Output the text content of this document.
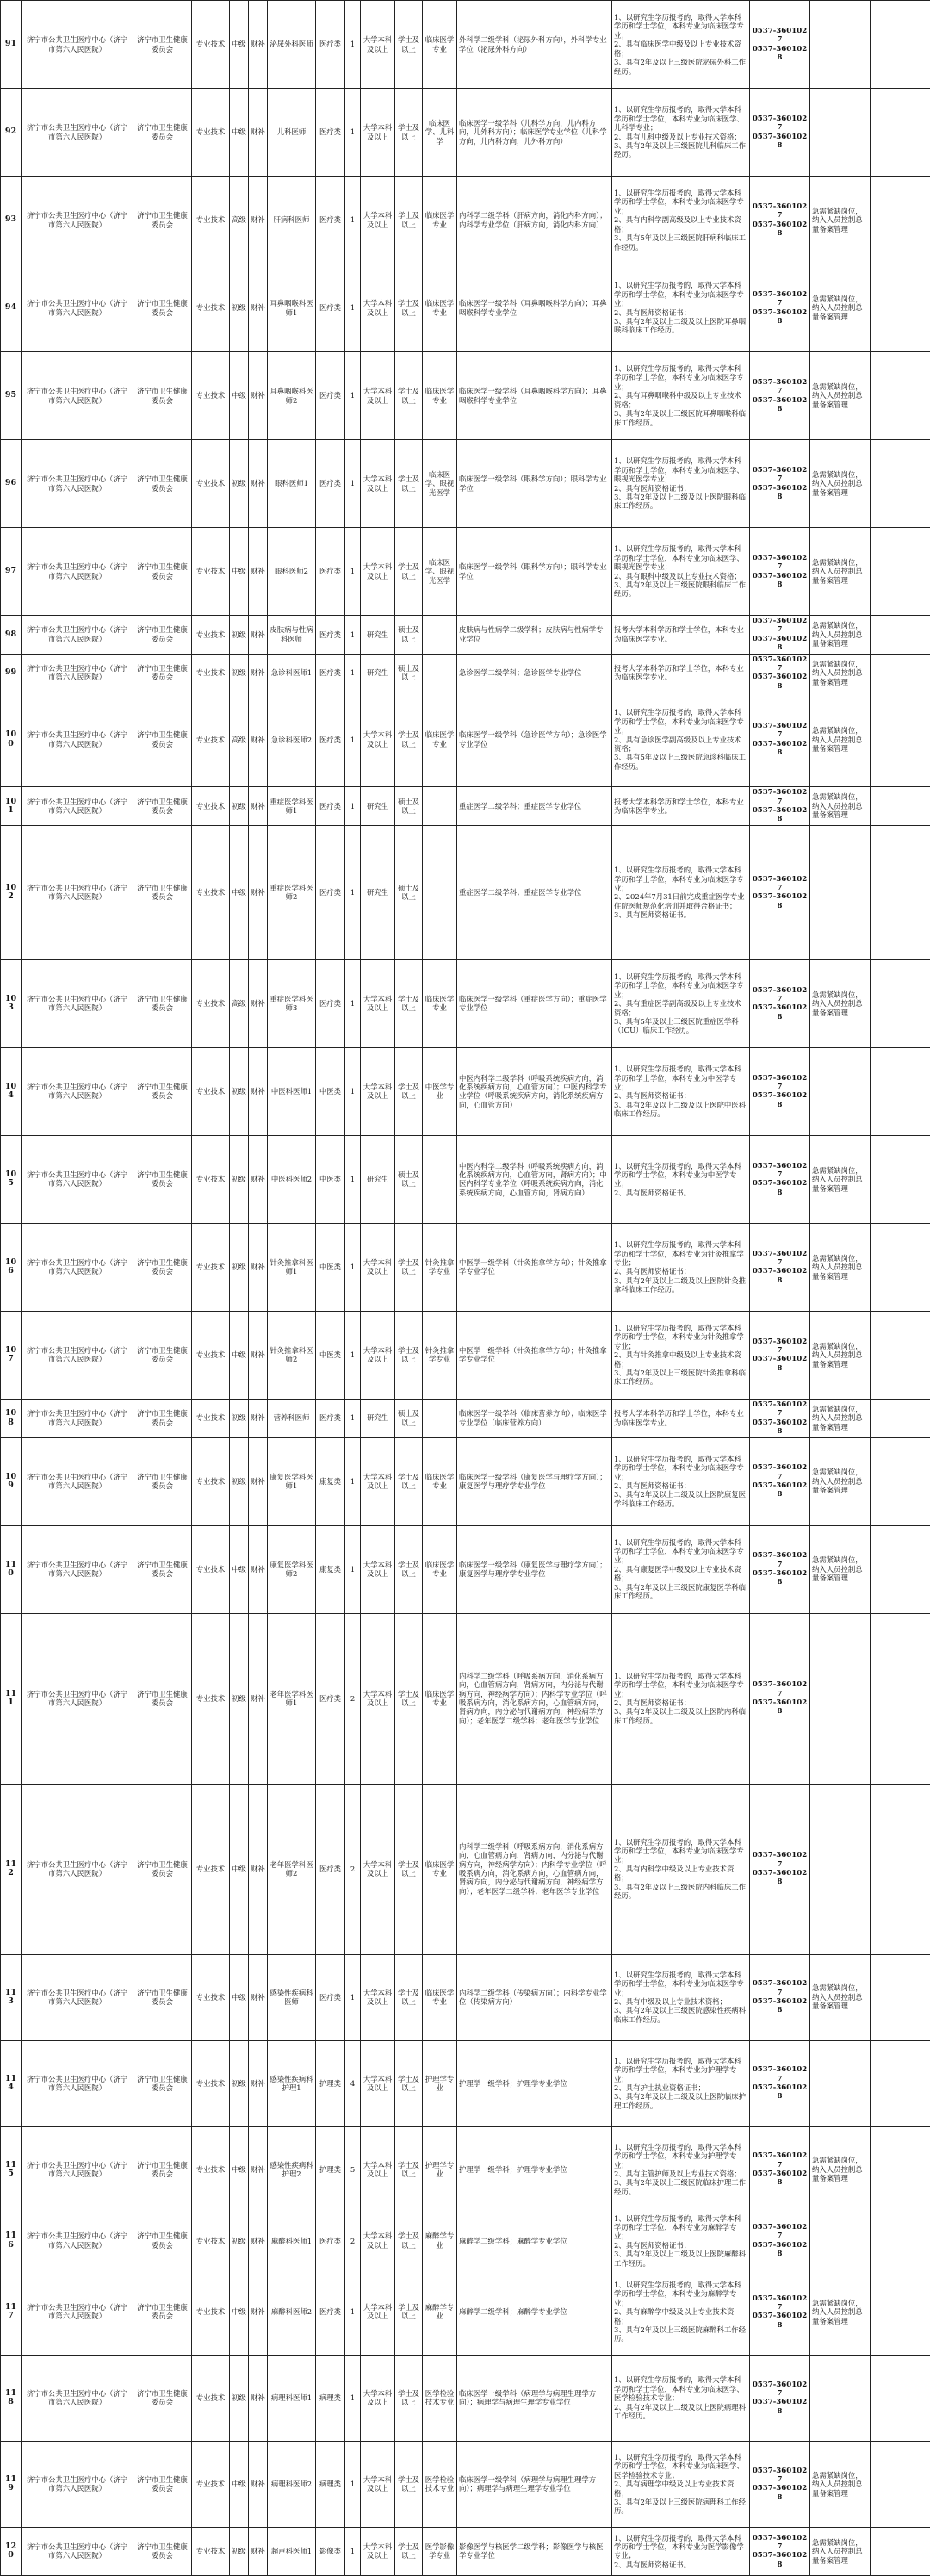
91	济宁市公共卫生医疗中心（济宁市第六人民医院）	济宁市卫生健康委员会	专业技术	中级	财补	泌尿外科医师	医疗类	1	大学本科及以上	学士及以上	临床医学专业	外科学二级学科（泌尿外科方向），外科学专业学位（泌尿外科方向）	1、以研究生学历报考的，取得大学本科学历和学士学位，本科专业为临床医学专业；
2、具有临床医学中级及以上专业技术资格；
3、具有2年及以上三级医院泌尿外科工作经历。	0537-3601027
0537-3601028		
92	济宁市公共卫生医疗中心（济宁市第六人民医院）	济宁市卫生健康委员会	专业技术	中级	财补	儿科医师	医疗类	1	大学本科及以上	学士及以上	临床医学、儿科学	临床医学一级学科（儿科学方向，儿内科方向，儿外科方向）；临床医学专业学位（儿科学方向，儿内科方向，儿外科方向）	1、以研究生学历报考的，取得大学本科学历和学士学位，本科专业为临床医学、儿科学专业；
2、具有儿科中级及以上专业技术资格；
3、具有2年及以上三级医院儿科临床工作经历。	0537-3601027
0537-3601028		
93	济宁市公共卫生医疗中心（济宁市第六人民医院）	济宁市卫生健康委员会	专业技术	高级	财补	肝病科医师	医疗类	1	大学本科及以上	学士及以上	临床医学专业	内科学二级学科（肝病方向，消化内科方向）；内科学专业学位（肝病方向，消化内科方向）	1、以研究生学历报考的，取得大学本科学历和学士学位，本科专业为临床医学专业；
2、具有内科学副高级及以上专业技术资格；
3、具有5年及以上三级医院肝病科临床工作经历。	0537-3601027
0537-3601028	急需紧缺岗位，纳入人员控制总量备案管理	
94	济宁市公共卫生医疗中心（济宁市第六人民医院）	济宁市卫生健康委员会	专业技术	初级	财补	耳鼻咽喉科医师1	医疗类	1	大学本科及以上	学士及以上	临床医学专业	临床医学一级学科（耳鼻咽喉科学方向）；耳鼻咽喉科学专业学位	1、以研究生学历报考的，取得大学本科学历和学士学位，本科专业为临床医学专业；
2、具有医师资格证书；
3、具有2年及以上二级及以上医院耳鼻咽喉科临床工作经历。	0537-3601027
0537-3601028	急需紧缺岗位，纳入人员控制总量备案管理	
95	济宁市公共卫生医疗中心（济宁市第六人民医院）	济宁市卫生健康委员会	专业技术	中级	财补	耳鼻咽喉科医师2	医疗类	1	大学本科及以上	学士及以上	临床医学专业	临床医学一级学科（耳鼻咽喉科学方向）；耳鼻咽喉科学专业学位	1、以研究生学历报考的，取得大学本科学历和学士学位，本科专业为临床医学专业；
2、具有耳鼻咽喉科中级及以上专业技术资格；
3、具有2年及以上三级医院耳鼻咽喉科临床工作经历。	0537-3601027
0537-3601028	急需紧缺岗位，纳入人员控制总量备案管理	
96	济宁市公共卫生医疗中心（济宁市第六人民医院）	济宁市卫生健康委员会	专业技术	初级	财补	眼科医师1	医疗类	1	大学本科及以上	学士及以上	临床医学、眼视光医学	临床医学一级学科（眼科学方向）；眼科学专业学位	1、以研究生学历报考的，取得大学本科学历和学士学位，本科专业为临床医学、眼视光医学专业；
2、具有医师资格证书；
3、具有2年及以上二级及以上医院眼科临床工作经历。	0537-3601027
0537-3601028	急需紧缺岗位，纳入人员控制总量备案管理	
97	济宁市公共卫生医疗中心（济宁市第六人民医院）	济宁市卫生健康委员会	专业技术	中级	财补	眼科医师2	医疗类	1	大学本科及以上	学士及以上	临床医学、眼视光医学	临床医学一级学科（眼科学方向）；眼科学专业学位	1、以研究生学历报考的，取得大学本科学历和学士学位，本科专业为临床医学、眼视光医学专业；
2、具有眼科中级及以上专业技术资格；
3、具有2年及以上三级医院眼科临床工作经历。	0537-3601027
0537-3601028	急需紧缺岗位，纳入人员控制总量备案管理	
98	济宁市公共卫生医疗中心（济宁市第六人民医院）	济宁市卫生健康委员会	专业技术	初级	财补	皮肤病与性病科医师	医疗类	1	研究生	硕士及以上		皮肤病与性病学二级学科；皮肤病与性病学专业学位	报考大学本科学历和学士学位，本科专业为临床医学专业。	0537-3601027
0537-3601028	急需紧缺岗位，纳入人员控制总量备案管理	
99	济宁市公共卫生医疗中心（济宁市第六人民医院）	济宁市卫生健康委员会	专业技术	初级	财补	急诊科医师1	医疗类	1	研究生	硕士及以上		急诊医学二级学科；急诊医学专业学位	报考大学本科学历和学士学位，本科专业为临床医学专业。	0537-3601027
0537-3601028	急需紧缺岗位，纳入人员控制总量备案管理	
100	济宁市公共卫生医疗中心（济宁市第六人民医院）	济宁市卫生健康委员会	专业技术	高级	财补	急诊科医师2	医疗类	1	大学本科及以上	学士及以上	临床医学专业	临床医学一级学科（急诊医学方向）；急诊医学专业学位	1、以研究生学历报考的，取得大学本科学历和学士学位，本科专业为临床医学专业；
2、具有急诊医学副高级及以上专业技术资格；
3、具有5年及以上三级医院急诊科临床工作经历。	0537-3601027
0537-3601028	急需紧缺岗位，纳入人员控制总量备案管理	
101	济宁市公共卫生医疗中心（济宁市第六人民医院）	济宁市卫生健康委员会	专业技术	初级	财补	重症医学科医师1	医疗类	1	研究生	硕士及以上		重症医学二级学科；重症医学专业学位	报考大学本科学历和学士学位，本科专业为临床医学专业。	0537-3601027
0537-3601028	急需紧缺岗位，纳入人员控制总量备案管理	
102	济宁市公共卫生医疗中心（济宁市第六人民医院）	济宁市卫生健康委员会	专业技术	中级	财补	重症医学科医师2	医疗类	1	研究生	硕士及以上		重症医学二级学科；重症医学专业学位	1、以研究生学历报考的，取得大学本科学历和学士学位，本科专业为临床医学专业；
2、2024年7月31日前完成重症医学专业住院医师规范化培训并取得合格证书；
3、具有医师资格证书。	0537-3601027
0537-3601028		
103	济宁市公共卫生医疗中心（济宁市第六人民医院）	济宁市卫生健康委员会	专业技术	高级	财补	重症医学科医师3	医疗类	1	大学本科及以上	学士及以上	临床医学专业	临床医学一级学科（重症医学方向）；重症医学专业学位	1、以研究生学历报考的，取得大学本科学历和学士学位，本科专业为临床医学专业；
2、具有重症医学副高级及以上专业技术资格；
3、具有5年及以上三级医院重症医学科（ICU）临床工作经历。	0537-3601027
0537-3601028	急需紧缺岗位，纳入人员控制总量备案管理	
104	济宁市公共卫生医疗中心（济宁市第六人民医院）	济宁市卫生健康委员会	专业技术	初级	财补	中医科医师1	中医类	1	大学本科及以上	学士及以上	中医学专业	中医内科学二级学科（呼吸系统疾病方向，消化系统疾病方向，心血管方向）；中医内科学专业学位（呼吸系统疾病方向，消化系统疾病方向，心血管方向）	1、以研究生学历报考的，取得大学本科学历和学士学位，本科专业为中医学专业；
2、具有医师资格证书；
3、具有2年及以上二级及以上医院中医科临床工作经历。	0537-3601027
0537-3601028		
105	济宁市公共卫生医疗中心（济宁市第六人民医院）	济宁市卫生健康委员会	专业技术	初级	财补	中医科医师2	中医类	1	研究生	硕士及以上		中医内科学二级学科（呼吸系统疾病方向，消化系统疾病方向，心血管方向，肾病方向）；中医内科学专业学位（呼吸系统疾病方向，消化系统疾病方向，心血管方向，肾病方向）	1、以研究生学历报考的，取得大学本科学历和学士学位，本科专业为中医学专业；
2、具有医师资格证书。	0537-3601027
0537-3601028	急需紧缺岗位，纳入人员控制总量备案管理	
106	济宁市公共卫生医疗中心（济宁市第六人民医院）	济宁市卫生健康委员会	专业技术	初级	财补	针灸推拿科医师1	中医类	1	大学本科及以上	学士及以上	针灸推拿学专业	中医学一级学科（针灸推拿学方向）；针灸推拿学专业学位	1、以研究生学历报考的，取得大学本科学历和学士学位，本科专业为针灸推拿学专业；
2、具有医师资格证书；
3、具有2年及以上二级及以上医院针灸推拿科临床工作经历。	0537-3601027
0537-3601028	急需紧缺岗位，纳入人员控制总量备案管理	
107	济宁市公共卫生医疗中心（济宁市第六人民医院）	济宁市卫生健康委员会	专业技术	中级	财补	针灸推拿科医师2	中医类	1	大学本科及以上	学士及以上	针灸推拿学专业	中医学一级学科（针灸推拿学方向）；针灸推拿学专业学位	1、以研究生学历报考的，取得大学本科学历和学士学位，本科专业为针灸推拿学专业；
2、具有针灸推拿中级及以上专业技术资格；
3、具有2年及以上三级医院针灸推拿科临床工作经历。	0537-3601027
0537-3601028	急需紧缺岗位，纳入人员控制总量备案管理	
108	济宁市公共卫生医疗中心（济宁市第六人民医院）	济宁市卫生健康委员会	专业技术	初级	财补	营养科医师	医疗类	1	研究生	硕士及以上		临床医学一级学科（临床营养方向）；临床医学专业学位（临床营养方向）	报考大学本科学历和学士学位，本科专业为临床医学专业。	0537-3601027
0537-3601028	急需紧缺岗位，纳入人员控制总量备案管理	
109	济宁市公共卫生医疗中心（济宁市第六人民医院）	济宁市卫生健康委员会	专业技术	初级	财补	康复医学科医师1	康复类	1	大学本科及以上	学士及以上	临床医学专业	临床医学一级学科（康复医学与理疗学方向）；康复医学与理疗学专业学位	1、以研究生学历报考的，取得大学本科学历和学士学位，本科专业为临床医学专业；
2、具有医师资格证书；
3、具有2年及以上二级及以上医院康复医学科临床工作经历。	0537-3601027
0537-3601028	急需紧缺岗位，纳入人员控制总量备案管理	
110	济宁市公共卫生医疗中心（济宁市第六人民医院）	济宁市卫生健康委员会	专业技术	中级	财补	康复医学科医师2	康复类	1	大学本科及以上	学士及以上	临床医学专业	临床医学一级学科（康复医学与理疗学方向）；康复医学与理疗学专业学位	1、以研究生学历报考的，取得大学本科学历和学士学位，本科专业为临床医学专业；
2、具有康复医学中级及以上专业技术资格；
3、具有2年及以上三级医院康复医学科临床工作经历。	0537-3601027
0537-3601028	急需紧缺岗位，纳入人员控制总量备案管理	
111	济宁市公共卫生医疗中心（济宁市第六人民医院）	济宁市卫生健康委员会	专业技术	初级	财补	老年医学科医师1	医疗类	2	大学本科及以上	学士及以上	临床医学专业	内科学二级学科（呼吸系病方向，消化系病方向，心血管病方向，肾病方向，内分泌与代谢病方向，神经病学方向）；内科学专业学位（呼吸系病方向，消化系病方向，心血管病方向，肾病方向，内分泌与代谢病方向，神经病学方向）；老年医学二级学科；老年医学专业学位	1、以研究生学历报考的，取得大学本科学历和学士学位，本科专业为临床医学专业；
2、具有医师资格证书；
3、具有2年及以上二级及以上医院内科临床工作经历。	0537-3601027
0537-3601028		
112	济宁市公共卫生医疗中心（济宁市第六人民医院）	济宁市卫生健康委员会	专业技术	中级	财补	老年医学科医师2	医疗类	2	大学本科及以上	学士及以上	临床医学专业	内科学二级学科（呼吸系病方向，消化系病方向，心血管病方向，肾病方向，内分泌与代谢病方向，神经病学方向）；内科学专业学位（呼吸系病方向，消化系病方向，心血管病方向，肾病方向，内分泌与代谢病方向，神经病学方向）；老年医学二级学科；老年医学专业学位	1、以研究生学历报考的，取得大学本科学历和学士学位，本科专业为临床医学专业；
2、具有内科学中级及以上专业技术资格；
3、具有2年及以上三级医院内科临床工作经历。	0537-3601027
0537-3601028		
113	济宁市公共卫生医疗中心（济宁市第六人民医院）	济宁市卫生健康委员会	专业技术	中级	财补	感染性疾病科医师	医疗类	1	大学本科及以上	学士及以上	临床医学专业	内科学二级学科（传染病方向）；内科学专业学位（传染病方向）	1、以研究生学历报考的，取得大学本科学历和学士学位，本科专业为临床医学专业；
2、具有中级及以上专业技术资格；
3、具有2年及以上三级医院感染性疾病科临床工作经历。	0537-3601027
0537-3601028	急需紧缺岗位，纳入人员控制总量备案管理	
114	济宁市公共卫生医疗中心（济宁市第六人民医院）	济宁市卫生健康委员会	专业技术	初级	财补	感染性疾病科护理1	护理类	4	大学本科及以上	学士及以上	护理学专业	护理学一级学科；护理学专业学位	1、以研究生学历报考的，取得大学本科学历和学士学位，本科专业为护理学专业；
2、具有护士执业资格证书；
3、具有2年及以上二级及以上医院临床护理工作经历。	0537-3601027
0537-3601028		
115	济宁市公共卫生医疗中心（济宁市第六人民医院）	济宁市卫生健康委员会	专业技术	中级	财补	感染性疾病科护理2	护理类	5	大学本科及以上	学士及以上	护理学专业	护理学一级学科；护理学专业学位	1、以研究生学历报考的，取得大学本科学历和学士学位，本科专业为护理学专业；
2、具有主管护师及以上专业技术资格；
3、具有2年及以上三级医院临床护理工作经历。	0537-3601027
0537-3601028	急需紧缺岗位，纳入人员控制总量备案管理	
116	济宁市公共卫生医疗中心（济宁市第六人民医院）	济宁市卫生健康委员会	专业技术	初级	财补	麻醉科医师1	医疗类	2	大学本科及以上	学士及以上	麻醉学专业	麻醉学二级学科；麻醉学专业学位	1、以研究生学历报考的，取得大学本科学历和学士学位，本科专业为麻醉学专业；
2、具有医师资格证书；
3、具有2年及以上二级及以上医院麻醉科工作经历。	0537-3601027
0537-3601028		
117	济宁市公共卫生医疗中心（济宁市第六人民医院）	济宁市卫生健康委员会	专业技术	中级	财补	麻醉科医师2	医疗类	1	大学本科及以上	学士及以上	麻醉学专业	麻醉学二级学科；麻醉学专业学位	1、以研究生学历报考的，取得大学本科学历和学士学位，本科专业为麻醉学专业；
2、具有麻醉学中级及以上专业技术资格；
3、具有2年及以上三级医院麻醉科工作经历。	0537-3601027
0537-3601028	急需紧缺岗位，纳入人员控制总量备案管理	
118	济宁市公共卫生医疗中心（济宁市第六人民医院）	济宁市卫生健康委员会	专业技术	初级	财补	病理科医师1	病理类	1	大学本科及以上	学士及以上	医学检验技术专业	临床医学一级学科（病理学与病理生理学方向）；病理学与病理生理学专业学位	1、以研究生学历报考的，取得大学本科学历和学士学位，本科专业为临床医学、医学检验技术专业；
2、具有2年及以上二级及以上医院病理科工作经历。	0537-3601027
0537-3601028		
119	济宁市公共卫生医疗中心（济宁市第六人民医院）	济宁市卫生健康委员会	专业技术	中级	财补	病理科医师2	病理类	1	大学本科及以上	学士及以上	医学检验技术专业	临床医学一级学科（病理学与病理生理学方向）；病理学与病理生理学专业学位	1、以研究生学历报考的，取得大学本科学历和学士学位，本科专业为临床医学、医学检验技术专业；
2、具有病理学中级及以上专业技术资格；
3、具有2年及以上三级医院病理科工作经历。	0537-3601027
0537-3601028	急需紧缺岗位，纳入人员控制总量备案管理	
120	济宁市公共卫生医疗中心（济宁市第六人民医院）	济宁市卫生健康委员会	专业技术	初级	财补	超声科医师1	影像类	1	大学本科及以上	学士及以上	医学影像学专业	影像医学与核医学二级学科；影像医学与核医学专业学位	1、以研究生学历报考的，取得大学本科学历和学士学位，本科专业为医学影像学专业；
2、具有医师资格证书。	0537-3601027
0537-3601028	急需紧缺岗位，纳入人员控制总量备案管理	
